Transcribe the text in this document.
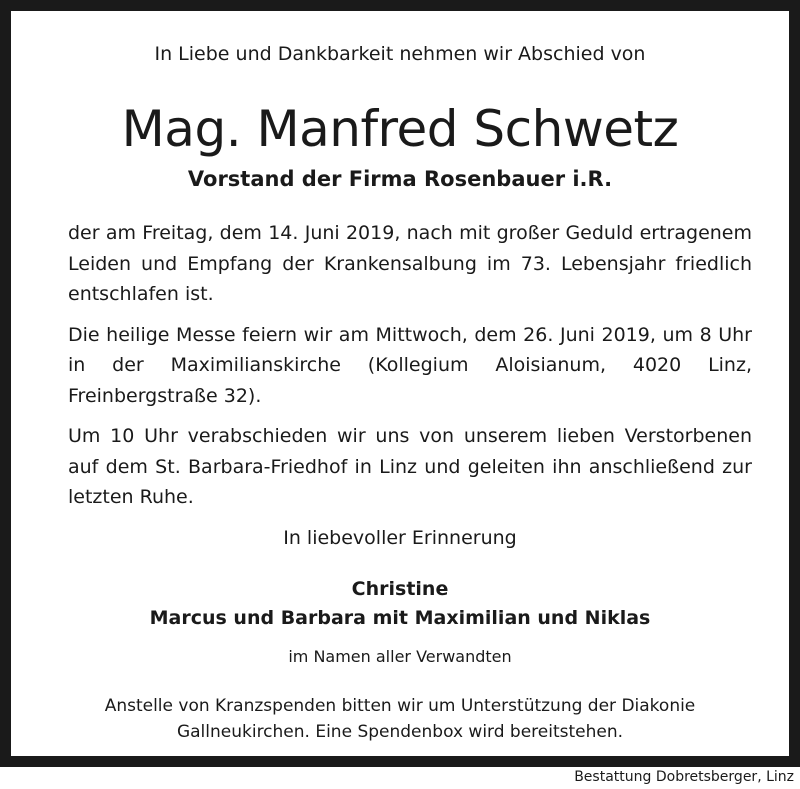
In Liebe und Dankbarkeit nehmen wir Abschied von
Mag. Manfred Schwetz
Vorstand der Firma Rosenbauer i.R.

der am Freitag, dem 14. Juni 2019, nach mit großer Geduld ertragenem Leiden und Empfang der Krankensalbung im 73. Lebensjahr friedlich entschlafen ist.

Die heilige Messe feiern wir am Mittwoch, dem 26. Juni 2019, um 8 Uhr in der Maximilianskirche (Kollegium Aloisianum, 4020 Linz, Freinbergstraße 32).

Um 10 Uhr verabschieden wir uns von unserem lieben Verstorbenen auf dem St. Barbara-Friedhof in Linz und geleiten ihn anschließend zur letzten Ruhe.

In liebevoller Erinnerung
Christine
Marcus und Barbara mit Maximilian und Niklas
im Namen aller Verwandten
Anstelle von Kranzspenden bitten wir um Unterstützung der Diakonie
Gallneukirchen. Eine Spendenbox wird bereitstehen.
Bestattung Dobretsberger, Linz
